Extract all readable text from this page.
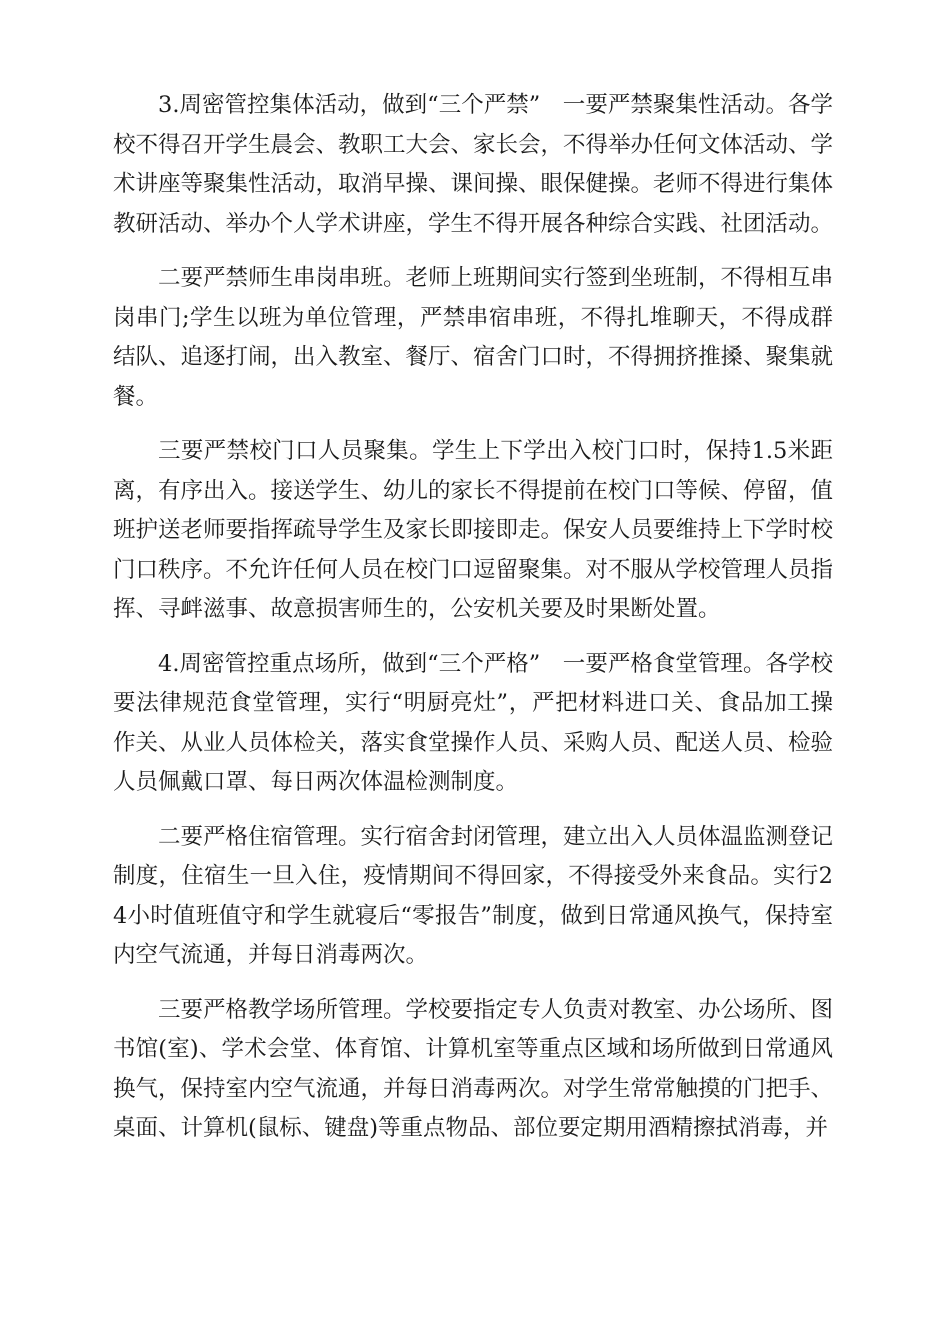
3.周密管控集体活动，做到“三个严禁”　一要严禁聚集性活动。各学校不得召开学生晨会、教职工大会、家长会，不得举办任何文体活动、学术讲座等聚集性活动，取消早操、课间操、眼保健操。老师不得进行集体教研活动、举办个人学术讲座，学生不得开展各种综合实践、社团活动。

二要严禁师生串岗串班。老师上班期间实行签到坐班制，不得相互串岗串门;学生以班为单位管理，严禁串宿串班，不得扎堆聊天，不得成群结队、追逐打闹，出入教室、餐厅、宿舍门口时，不得拥挤推搡、聚集就餐。

三要严禁校门口人员聚集。学生上下学出入校门口时，保持1.5米距离，有序出入。接送学生、幼儿的家长不得提前在校门口等候、停留，值班护送老师要指挥疏导学生及家长即接即走。保安人员要维持上下学时校门口秩序。不允许任何人员在校门口逗留聚集。对不服从学校管理人员指挥、寻衅滋事、故意损害师生的，公安机关要及时果断处置。

4.周密管控重点场所，做到“三个严格”　一要严格食堂管理。各学校要法律规范食堂管理，实行“明厨亮灶”，严把材料进口关、食品加工操作关、从业人员体检关，落实食堂操作人员、采购人员、配送人员、检验人员佩戴口罩、每日两次体温检测制度。

二要严格住宿管理。实行宿舍封闭管理，建立出入人员体温监测登记制度，住宿生一旦入住，疫情期间不得回家，不得接受外来食品。实行24小时值班值守和学生就寝后“零报告”制度，做到日常通风换气，保持室内空气流通，并每日消毒两次。

三要严格教学场所管理。学校要指定专人负责对教室、办公场所、图书馆(室)、学术会堂、体育馆、计算机室等重点区域和场所做到日常通风换气，保持室内空气流通，并每日消毒两次。对学生常常触摸的门把手、桌面、计算机(鼠标、键盘)等重点物品、部位要定期用酒精擦拭消毒，并
